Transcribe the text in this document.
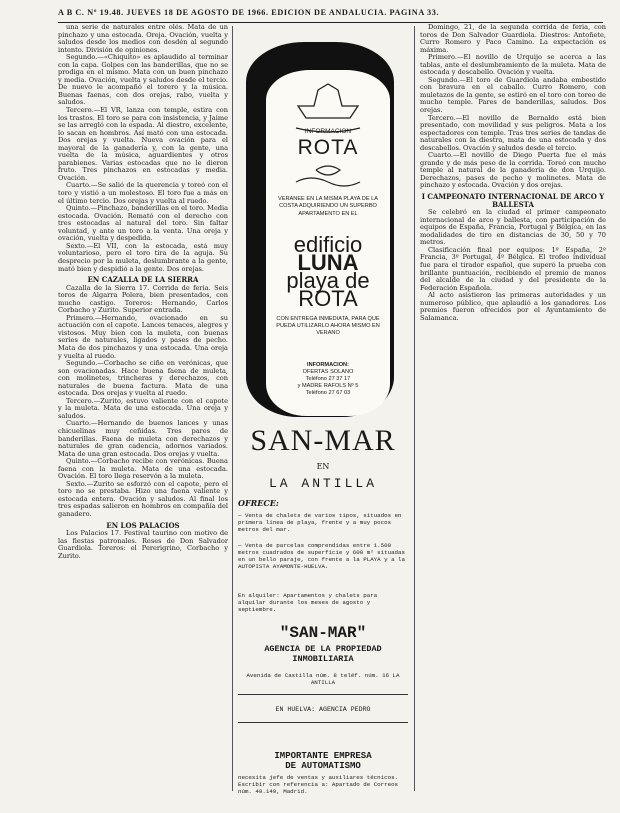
A B C. Nº 19.48. JUEVES 18 DE AGOSTO DE 1966. EDICION DE ANDALUCIA. PAGINA 33.

una serie de naturales entre olés. Mata de un pinchazo y una estocada. Oreja. Ovación, vuelta y saludos desde los medios con desdén al segundo intento. División de opiniones.

Segundo.—«Chiquito» es aplaudido al terminar con la capa. Golpes con las banderillas, que no se prodiga en el mismo. Mata con un buen pinchazo y media. Ovación, vuelta y saludos desde el tercio. De nuevo le acompañó el torero y la música. Buenas faenas, con dos orejas, rabo, vuelta y saludos.

Tercero.—El VR, lanza con temple, estira con los trastos. El toro se para con insistencia, y Jaime se las arregló con la espada. Al diestro, excelente, lo sacan en hombros. Así mató con una estocada. Dos orejas y vuelta. Nueva ovación para el mayoral de la ganadería y, con la gente, una vuelta de la música, aguardientes y otros parabienes. Varias estocadas que no le dieron fruto. Tres pinchazos en estocadas y media. Ovación.

Cuarto.—Se salió de la querencia y toreó con el toro y vistió a un molestoso. El toro fue a más en el último tercio. Dos orejas y vuelta al ruedo.

Quinto.—Pinchazo, banderillas en el toro. Media estocada. Ovación. Remató con el derecho con tres estocadas al natural del toro. Sin faltar voluntad, y ante un toro a la venta. Una oreja y ovación, vuelta y despedida.

Sexto.—El VII, con la estocada, está muy voluntarioso, pero el toro tira de la aguja. Su desprecio por la muleta, deslumbrante a la gente, mató bien y despidió a la gente. Dos orejas.

EN CAZALLA DE LA SIERRA

Cazalla de la Sierra 17. Corrida de feria. Seis toros de Algarra Polera, bien presentados, con mucho castigo. Toreros: Hernando, Carlos Corbacho y Zurito. Superior entrada.

Primero.—Hernando, ovacionado en su actuación con el capote. Lances tenaces, alegres y vistosos. Muy bien con la muleta, con buenas series de naturales, ligados y pases de pecho. Mata de dos pinchazos y una estocada. Una oreja y vuelta al ruedo.

Segundo.—Corbacho se ciñe en verónicas, que son ovacionadas. Hace buena faena de muleta, con molinetes, trincheras y derechazos, con naturales de buena factura. Mata de una estocada. Dos orejas y vuelta al ruedo.

Tercero.—Zurito, estuvo valiente con el capote y la muleta. Mata de una estocada. Una oreja y saludos.

Cuarto.—Hernando de buenos lances y unas chicuelinas muy ceñidas. Tres pares de banderillas. Faena de muleta con derechazos y naturales de gran cadencia, adornos variados. Mata de una gran estocada. Dos orejas y vuelta.

Quinto.—Corbacho recibe con verónicas. Buena faena con la muleta. Mata de una estocada. Ovación. El toro llega reservón a la muleta.

Sexto.—Zurito se esforzó con el capote, pero el toro no se prestaba. Hizo una faena valiente y estocada entera. Ovación y saludos. Al final los tres espadas salieron en hombros en compañía del ganadero.

EN LOS PALACIOS

Los Palacios 17. Festival taurino con motivo de las fiestas patronales. Reses de Don Salvador Guardiola. Toreros: el Pererigrino, Corbacho y Zurito.

INFORMACION
ROTA
VERANEE EN LA MISMA PLAYA DE LA COSTA ADQUIRIENDO UN SUPERBO APARTAMENTO EN EL
edificio
LUNA
playa de
ROTA
CON ENTREGA INMEDIATA, PARA QUE PUEDA UTILIZARLO AHORA MISMO EN VERANO
INFORMACION:
OFERTAS SOLANO
Teléfono 27 37 17
y MADRE RAFOLS Nº 5
Teléfono 27 67 03
SAN-MAR
EN
LA ANTILLA
OFRECE:
— Venta de chalets de varios tipos, situados en primera línea de playa, frente y a muy pocos metros del mar.
— Venta de parcelas comprendidas entre 1.500 metros cuadrados de superficie y 600 m² situadas en un bello paraje, con frente a la PLAYA y a la AUTOPISTA AYAMONTE-HUELVA.
En alquiler: Apartamentos y chalets para alquilar durante los meses de agosto y septiembre.
"SAN-MAR"
AGENCIA DE LA PROPIEDAD
INMOBILIARIA
Avenida de Castilla núm. 8 teléf. núm. 16 LA ANTILLA
EN HUELVA: AGENCIA PEDRO
IMPORTANTE EMPRESA
DE AUTOMATISMO
necesita jefe de ventas y auxiliares técnicos. Escribir con referencia a: Apartado de Correos núm. 49.149, Madrid.

Domingo, 21, de la segunda corrida de feria, con toros de Don Salvador Guardiola. Diestros: Antoñete, Curro Romero y Paco Camino. La expectación es máxima.

Primero.—El novillo de Urquijo se acerca a las tablas, ante el deslumbramiento de la muleta. Mata de estocada y descabello. Ovación y vuelta.

Segundo.—El toro de Guardiola andaba embestido con bravura en el caballo. Curro Romero, con muletazos de la gente, se estiró en el toro con toreo de mucho temple. Pares de banderillas, saludos. Dos orejas.

Tercero.—El novillo de Bernaldo está bien presentado, con movilidad y sus peligros. Mata a los espectadores con temple. Tras tres series de tandas de naturales con la diestra, mata de una estocada y dos descabellos. Ovación y saludos desde el tercio.

Cuarto.—El novillo de Diego Puerta fue el más grande y de más peso de la corrida. Toreó con mucho temple al natural de la ganadería de don Urquijo. Derechazos, pases de pecho y molinetes. Mata de pinchazo y estocada. Ovación y dos orejas.

I CAMPEONATO INTERNACIONAL DE ARCO Y BALLESTA

Se celebró en la ciudad el primer campeonato internacional de arco y ballesta, con participación de equipos de España, Francia, Portugal y Bélgica, en las modalidades de tiro en distancias de 30, 50 y 70 metros.

Clasificación final por equipos: 1º España, 2º Francia, 3º Portugal, 4º Bélgica. El trofeo individual fue para el tirador español, que superó la prueba con brillante puntuación, recibiendo el premio de manos del alcalde de la ciudad y del presidente de la Federación Española.

Al acto asistieron las primeras autoridades y un numeroso público, que aplaudió a los ganadores. Los premios fueron ofrecidos por el Ayuntamiento de Salamanca.
